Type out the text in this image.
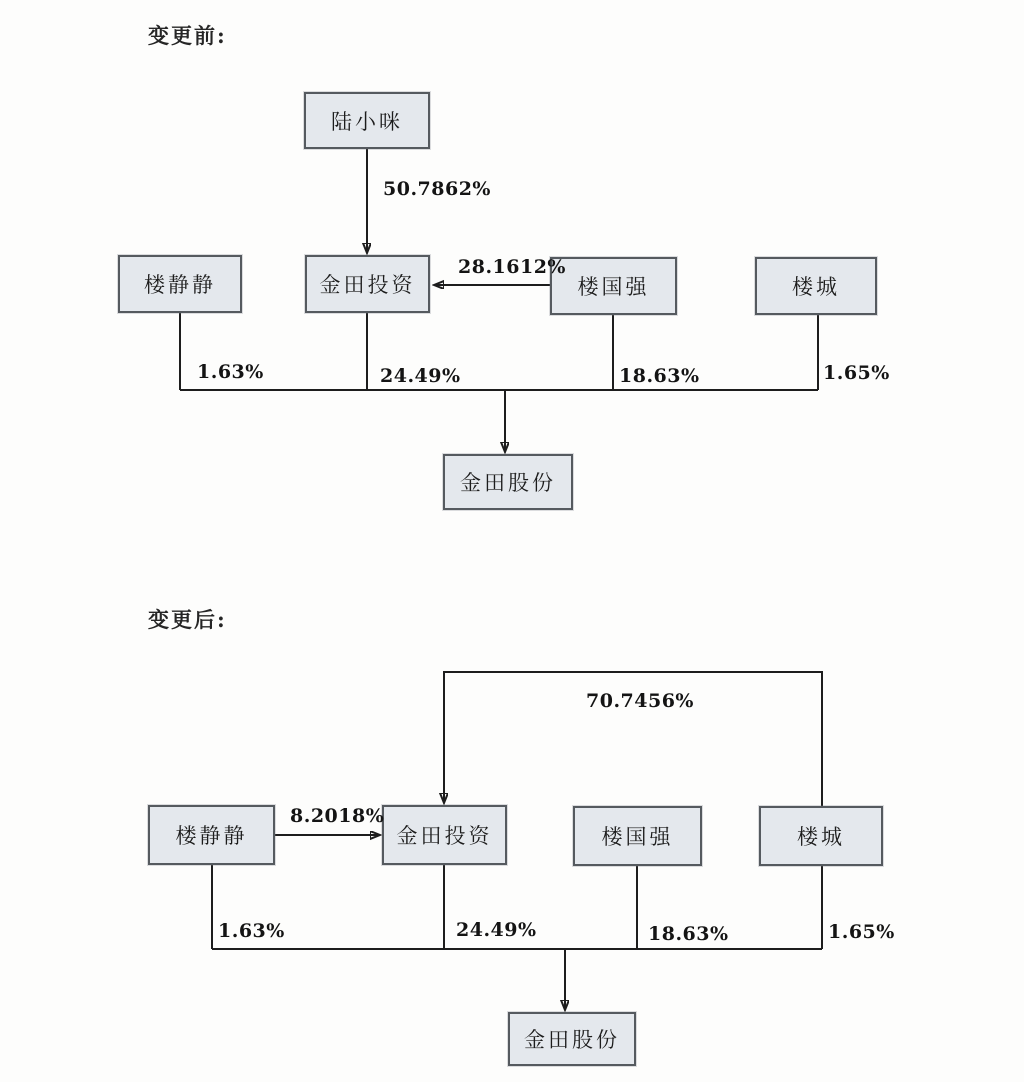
变更前:
陆小咪
楼静静	金田投资	楼国强	楼城
金田股份
50.7862%
28.1612%
1.63%	24.49%	18.63%	1.65%
变更后:
楼静静	金田投资	楼国强	楼城
金田股份
70.7456%
8.2018%
1.63%	24.49%	18.63%	1.65%
